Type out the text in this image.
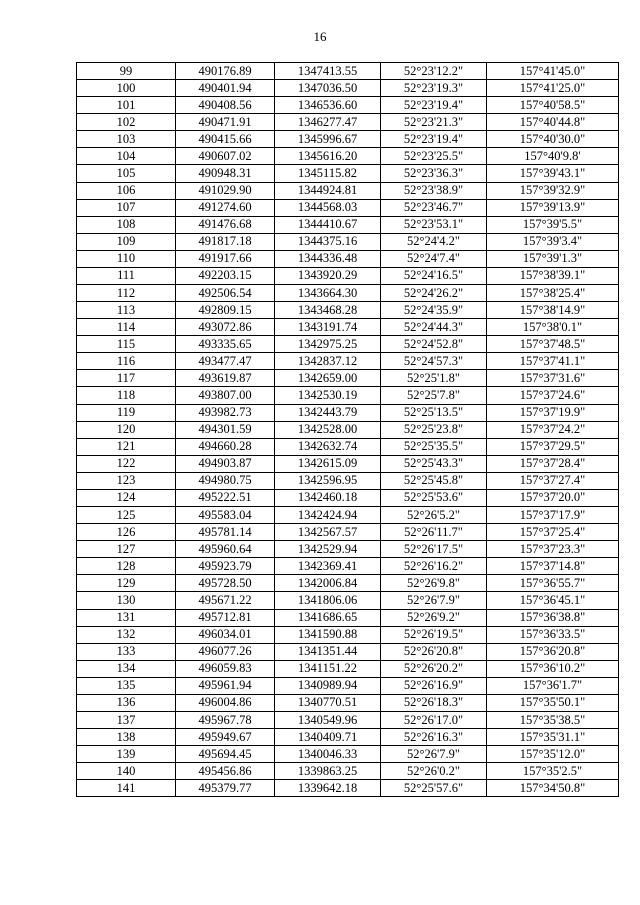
16
99	490176.89	1347413.55	52°23'12.2"	157°41'45.0"
100	490401.94	1347036.50	52°23'19.3"	157°41'25.0"
101	490408.56	1346536.60	52°23'19.4"	157°40'58.5"
102	490471.91	1346277.47	52°23'21.3"	157°40'44.8"
103	490415.66	1345996.67	52°23'19.4"	157°40'30.0"
104	490607.02	1345616.20	52°23'25.5"	157°40'9.8'
105	490948.31	1345115.82	52°23'36.3"	157°39'43.1"
106	491029.90	1344924.81	52°23'38.9"	157°39'32.9"
107	491274.60	1344568.03	52°23'46.7"	157°39'13.9"
108	491476.68	1344410.67	52°23'53.1"	157°39'5.5"
109	491817.18	1344375.16	52°24'4.2"	157°39'3.4"
110	491917.66	1344336.48	52°24'7.4"	157°39'1.3"
111	492203.15	1343920.29	52°24'16.5"	157°38'39.1"
112	492506.54	1343664.30	52°24'26.2"	157°38'25.4"
113	492809.15	1343468.28	52°24'35.9"	157°38'14.9"
114	493072.86	1343191.74	52°24'44.3"	157°38'0.1"
115	493335.65	1342975.25	52°24'52.8"	157°37'48.5"
116	493477.47	1342837.12	52°24'57.3"	157°37'41.1"
117	493619.87	1342659.00	52°25'1.8"	157°37'31.6"
118	493807.00	1342530.19	52°25'7.8"	157°37'24.6"
119	493982.73	1342443.79	52°25'13.5"	157°37'19.9"
120	494301.59	1342528.00	52°25'23.8"	157°37'24.2"
121	494660.28	1342632.74	52°25'35.5"	157°37'29.5"
122	494903.87	1342615.09	52°25'43.3"	157°37'28.4"
123	494980.75	1342596.95	52°25'45.8"	157°37'27.4"
124	495222.51	1342460.18	52°25'53.6"	157°37'20.0"
125	495583.04	1342424.94	52°26'5.2"	157°37'17.9"
126	495781.14	1342567.57	52°26'11.7"	157°37'25.4"
127	495960.64	1342529.94	52°26'17.5"	157°37'23.3"
128	495923.79	1342369.41	52°26'16.2"	157°37'14.8"
129	495728.50	1342006.84	52°26'9.8"	157°36'55.7"
130	495671.22	1341806.06	52°26'7.9"	157°36'45.1"
131	495712.81	1341686.65	52°26'9.2"	157°36'38.8"
132	496034.01	1341590.88	52°26'19.5"	157°36'33.5"
133	496077.26	1341351.44	52°26'20.8"	157°36'20.8"
134	496059.83	1341151.22	52°26'20.2"	157°36'10.2"
135	495961.94	1340989.94	52°26'16.9"	157°36'1.7"
136	496004.86	1340770.51	52°26'18.3"	157°35'50.1"
137	495967.78	1340549.96	52°26'17.0"	157°35'38.5"
138	495949.67	1340409.71	52°26'16.3"	157°35'31.1"
139	495694.45	1340046.33	52°26'7.9"	157°35'12.0"
140	495456.86	1339863.25	52°26'0.2"	157°35'2.5"
141	495379.77	1339642.18	52°25'57.6"	157°34'50.8"
